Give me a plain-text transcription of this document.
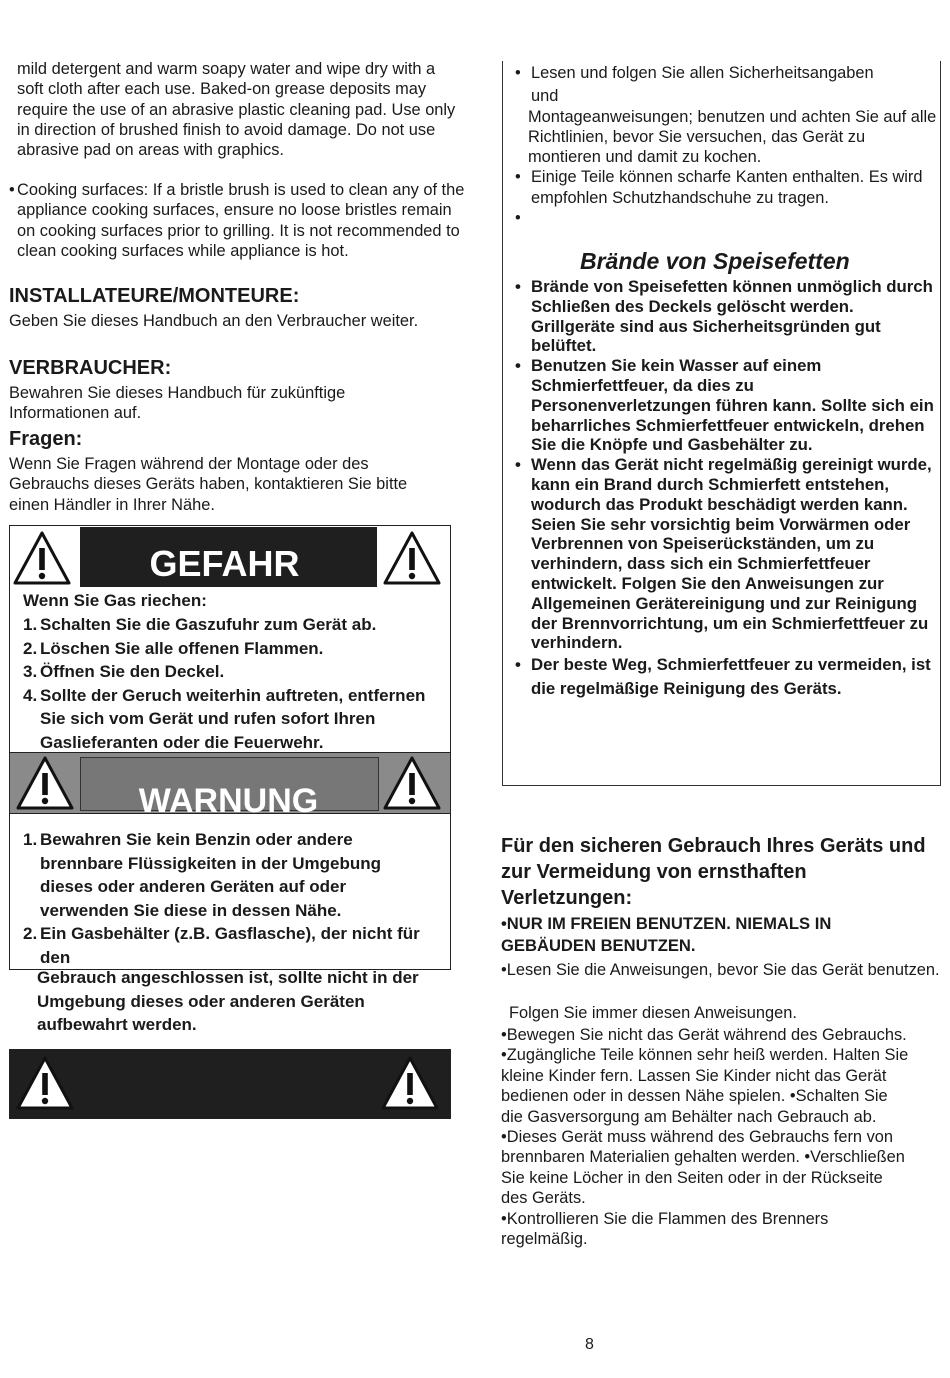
mild detergent and warm soapy water and wipe dry with a soft cloth after each use. Baked-on grease deposits may require the use of an abrasive plastic cleaning pad. Use only in direction of brushed finish to avoid damage. Do not use abrasive pad on areas with graphics.

• Cooking surfaces: If a bristle brush is used to clean any of the appliance cooking surfaces, ensure no loose bristles remain on cooking surfaces prior to grilling. It is not recommended to clean cooking surfaces while appliance is hot.
INSTALLATEURE/MONTEURE:

Geben Sie dieses Handbuch an den Verbraucher weiter.

VERBRAUCHER:

Bewahren Sie dieses Handbuch für zukünftige Informationen auf.

Fragen:

Wenn Sie Fragen während der Montage oder des Gebrauchs dieses Geräts haben, kontaktieren Sie bitte einen Händler in Ihrer Nähe.

GEFAHR
Wenn Sie Gas riechen:
1. Schalten Sie die Gaszufuhr zum Gerät ab.
2. Löschen Sie alle offenen Flammen.
3. Öffnen Sie den Deckel.
4. Sollte der Geruch weiterhin auftreten, entfernen Sie sich vom Gerät und rufen sofort Ihren Gaslieferanten oder die Feuerwehr.
WARNUNG
1. Bewahren Sie kein Benzin oder andere brennbare Flüssigkeiten in der Umgebung dieses oder anderen Geräten auf oder verwenden Sie diese in dessen Nähe.
2. Ein Gasbehälter (z.B. Gasflasche), der nicht für den
Gebrauch angeschlossen ist, sollte nicht in der Umgebung dieses oder anderen Geräten aufbewahrt werden.
• Lesen und folgen Sie allen Sicherheitsangaben
und
Montageanweisungen; benutzen und achten Sie auf alle Richtlinien, bevor Sie versuchen, das Gerät zu montieren und damit zu kochen.
• Einige Teile können scharfe Kanten enthalten. Es wird empfohlen Schutzhandschuhe zu tragen.
•
Brände von Speisefetten
• Brände von Speisefetten können unmöglich durch Schließen des Deckels gelöscht werden. Grillgeräte sind aus Sicherheitsgründen gut belüftet.
• Benutzen Sie kein Wasser auf einem Schmierfettfeuer, da dies zu Personenverletzungen führen kann. Sollte sich ein beharrliches Schmierfettfeuer entwickeln, drehen Sie die Knöpfe und Gasbehälter zu.
• Wenn das Gerät nicht regelmäßig gereinigt wurde, kann ein Brand durch Schmierfett entstehen, wodurch das Produkt beschädigt werden kann. Seien Sie sehr vorsichtig beim Vorwärmen oder Verbrennen von Speiserückständen, um zu verhindern, dass sich ein Schmierfettfeuer entwickelt. Folgen Sie den Anweisungen zur Allgemeinen Gerätereinigung und zur Reinigung der Brennvorrichtung, um ein Schmierfettfeuer zu verhindern.
• Der beste Weg, Schmierfettfeuer zu vermeiden, ist die regelmäßige Reinigung des Geräts.
Für den sicheren Gebrauch Ihres Geräts und zur Vermeidung von ernsthaften Verletzungen:
•NUR IM FREIEN BENUTZEN. NIEMALS IN GEBÄUDEN BENUTZEN.

•Lesen Sie die Anweisungen, bevor Sie das Gerät benutzen.

Folgen Sie immer diesen Anweisungen.

•Bewegen Sie nicht das Gerät während des Gebrauchs.
•Zugängliche Teile können sehr heiß werden. Halten Sie kleine Kinder fern. Lassen Sie Kinder nicht das Gerät bedienen oder in dessen Nähe spielen. •Schalten Sie die Gasversorgung am Behälter nach Gebrauch ab.
•Dieses Gerät muss während des Gebrauchs fern von brennbaren Materialien gehalten werden. •Verschließen Sie keine Löcher in den Seiten oder in der Rückseite des Geräts.
•Kontrollieren Sie die Flammen des Brenners regelmäßig.

8
